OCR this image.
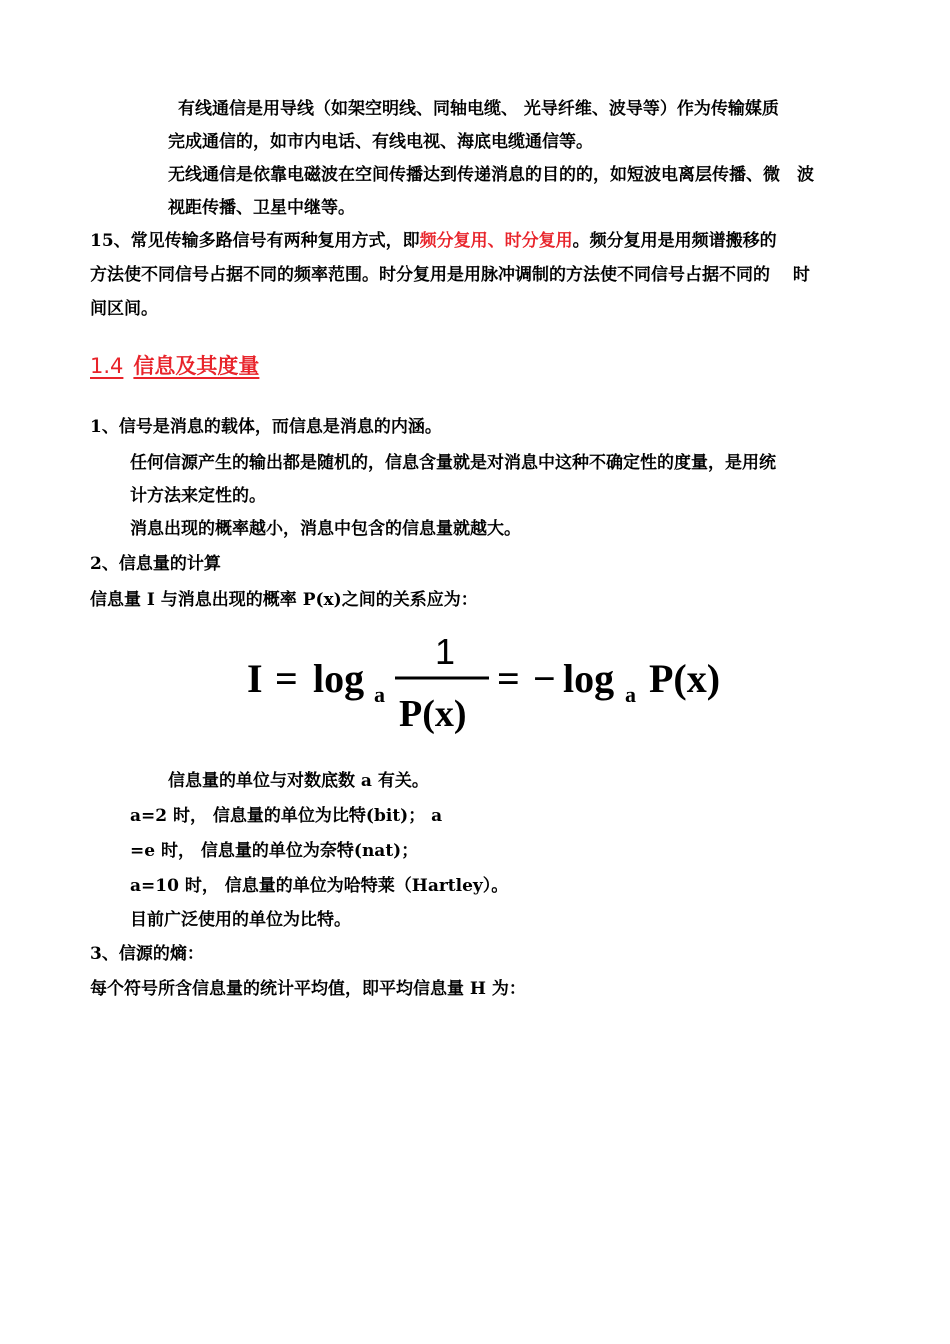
有线通信是用导线（如架空明线、同轴电缆、 光导纤维、波导等）作为传输媒质
完成通信的，如市内电话、有线电视、海底电缆通信等。
无线通信是依靠电磁波在空间传播达到传递消息的目的的，如短波电离层传播、微　波
视距传播、卫星中继等。
15、常见传输多路信号有两种复用方式，即频分复用、时分复用。频分复用是用频谱搬移的
方法使不同信号占据不同的频率范围。时分复用是用脉冲调制的方法使不同信号占据不同的　 时
间区间。
1.4 信息及其度量
1、信号是消息的载体，而信息是消息的内涵。
任何信源产生的输出都是随机的，信息含量就是对消息中这种不确定性的度量，是用统
计方法来定性的。
消息出现的概率越小，消息中包含的信息量就越大。
2、信息量的计算
信息量 I 与消息出现的概率 P(x)之间的关系应为：
I = log a
1
P(x)
= − log a P(x)
信息量的单位与对数底数 a 有关。
a=2 时， 信息量的单位为比特(bit)； a
=e 时， 信息量的单位为奈特(nat)；
a=10 时， 信息量的单位为哈特莱（Hartley）。
目前广泛使用的单位为比特。
3、信源的熵：
每个符号所含信息量的统计平均值，即平均信息量 H 为：
